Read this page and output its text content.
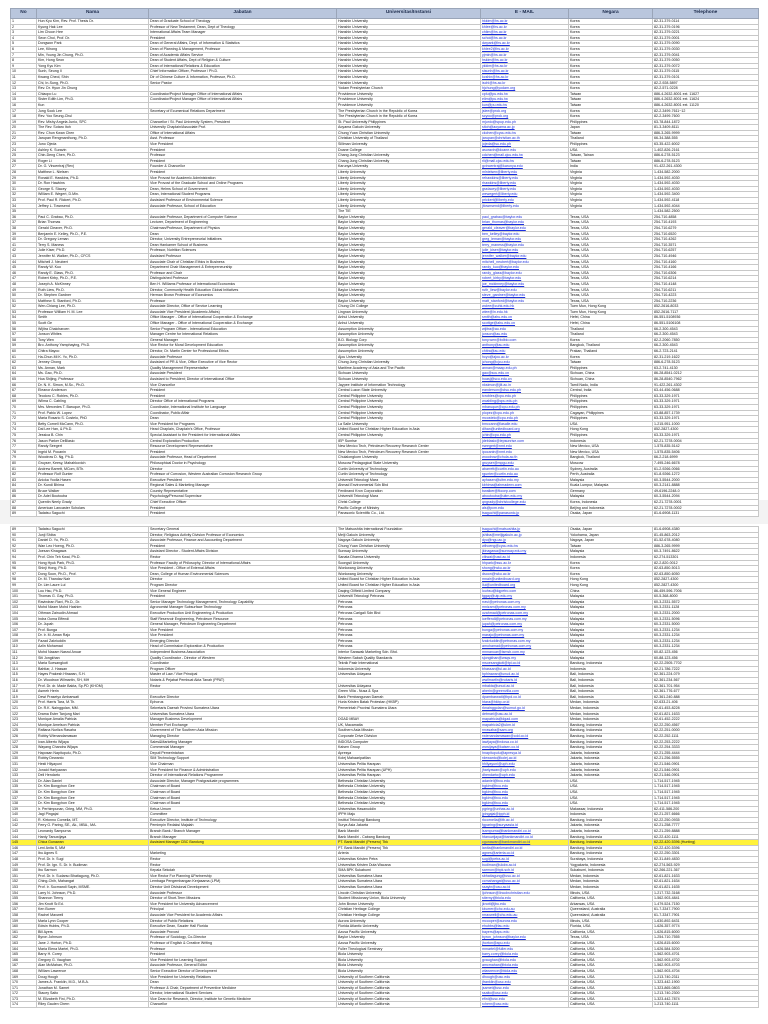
No	Nama	Jabatan	Universitas/Instansi	E - MAIL	Negara	Telephone
1	Hun Kyu Kim, Rev. Prof. Thesis Dr.	Dean of Graduate School of Theology	Hanshin University	hkkim@hs.ac.kr	Korea	82-31-379-0114
2	Kyung Hak Lee	Professor of New Testament; Dean, Dept of Theology	Hanshin University	khlee@hs.ac.kr	Korea	82-31-379-0196
3	Lim Choon Hee	International Affairs Team Manager	Hanshin University	chlim@hs.ac.kr	Korea	82-31-379-0221
4	Seon Choi, Prof. Dr.	President	Hanshin University	schoi@hs.ac.kr	Korea	82-31-379-0001
5	Dongwon Park	Dean of General Affairs, Dept. of Information & Statistics	Hanshin University	dwpark@hs.ac.kr	Korea	82-31-379-0090
6	Lee, Kihong	Dean of Planning & Management, Professor	Hanshin University	khlee2@hs.ac.kr	Korea	82-31-379-0030
7	Min, Young Jin Chung, Ph.D.	Dean of Academic Affairs Service	Hanshin University	yjmin@hs.ac.kr	Korea	82-31-379-0041
8	Kim, Hong Seon	Dean of Student Affairs, Dept of Religion & Culture	Hanshin University	hskim@hs.ac.kr	Korea	82-31-379-0050
9	Yong Kyu Kim	Dean of International Relations & Education	Hanshin University	ykkim@hs.ac.kr	Korea	82-31-379-0072
10	Sunh, Seung Il	Chief Information Officer, Professor / Ph.D.	Hanshin University	sisunh@hs.ac.kr	Korea	82-31-379-0115
11	Kwang Cheol, Shin	Dir of Chinese Culture & Information, Professor, Ph.D.	Hanshin University	kcshin@hs.ac.kr	Korea	82-31-379-0101
12	Chi, In-Sung, Ph.D.	Senior Pastor	Hanshin University	ischi@hs.ac.kr	Korea	82-2-928-5897
13	Rev. Dr. Hyun Jin Chung		Yodam Presbyterian Church	hjchung@yodam.org	Korea	82-2-571-0228
14	Chiaopo Lu	Coordinator/Project Manager Office of International Affairs	Providence University	cplu@pu.edu.tw	Taiwan	886-4-2632-8001 ext. 11627
15	Sister Edith Lim, Ph.D.	Coordinator/Project Manager Office of International Affairs	Providence University	elim@pu.edu.tw	Taiwan	886-4-2632-8001 ext. 11624
16	Kun		Providence University	kun@pu.edu.tw	Taiwan	886-4-2632-8001 ext. 11120
17	Jung Sook Lee	Secretary of Ecumenical Relations Department	The Presbyterian Church in the Republic of Korea	jslee@prok.org	Korea	82-2-3499-7611~12
18	Rev. Yoo Seung-Chul		The Presbyterian Church in the Republic of Korea	scyoo@prok.org	Korea	82-2-3499-7600
19	Rev. Mishy Angela Junio, SPC	Chancellor / St. Paul University System, President	St. Paul University Philippines	mjunio@spup.edu.ph	Philippines	63-78-844-1872
20	The Rev. Sotaro Itoh	University Chaplain/Associate Prof.	Aoyama Gakuin University	sitoh@aoyama.ac.jp	Japan	81-3-3409-8111
21	Rev. Chun Kwan Chen	Office of International Affairs	Chung Yuan Christian University	ckchen@cycu.edu.tw	Taiwan	886-3-265-9999
22	Jarupan Rengmanthong, Ph.D.	Asst. Professor	Christian University of Thailand	jarupan@christian.ac.th	Thailand	66-34-388-555
23	Juno Ojeda	Vice President	Silliman University	jojeda@su.edu.ph	Philippines	63-35-422-6002
24	Ashley K. Suravin	President	Doane College	asuravin@doane.edu	USA	1-402-826-2161
25	Chin-Deng Chen, Ph.D.	Professor	Chang Jung Christian University	cdchen@mail.cjcu.edu.tw	Taiwan, Tainan	886-6-278-5123
26	Roger Li	President	Chang Jung Christian University	rli@mail.cjcu.edu.tw	Taiwan	886-6-278-5123
27	Dr. G. Vincentraj (Rev)	Founder & Chancellor	Karunya University	gvincentraj@karunya.edu	India	91-422-261-4300
28	Matthew L. Nielsen	President	Liberty University	mlnielsen@liberty.edu	Virginia	1-434-582-2000
29	Ronald E. Hawkins, Ph.D.	Vice Provost for Academic Administration	Liberty University	rehawkins@liberty.edu	Virginia	1-434-592-4030
30	Dr. Ron Hawkins	Vice Provost of the Graduate School and Online Programs	Liberty University	rhawkins@liberty.edu	Virginia	1-434-592-4030
31	George S. Stacey	Dean, Helms School of Government	Liberty University	gsstacey@liberty.edu	Virginia	1-434-592-4030
32	William E. Wegert, D.Min.	Dean, International Student Programs	Liberty University	wewegert@liberty.edu	Virginia	1-434-592-3400
33	Prof. Paul R. Rickert, Ph.D.	Assistant Professor of Environmental Science	Liberty University	prickert@liberty.edu	Virginia	1-434-592-4118
34	Jeffrey L. Townsend	Associate Professor, School of Education	Liberty University	jltownsend@liberty.edu	Virginia	1-434-592-4044
35			The TIE			1-434-582-2500
36	Paul C. Grabau, Ph.D.	Associate Professor, Department of Computer Science	Baylor University	paul_grabau@baylor.edu	Texas, USA	254-710-4858
37	Brian Thomas	Lecturer, Department of Engineering	Baylor University	brian_thomas@baylor.edu	Texas, USA	254-710-4193
38	Gerald Cleaver, Ph.D.	Chairman/Professor, Department of Physics	Baylor University	gerald_cleaver@baylor.edu	Texas, USA	254-710-6279
39	Benjamin E. Kelley, Ph.D., P.E.	Dean	Baylor University	ben_kelley@baylor.edu	Texas, USA	254-710-6520
40	Dr. Gregory Leman	Director, University Entrepreneurial Initiatives	Baylor University	greg_leman@baylor.edu	Texas, USA	254-710-4262
41	Terry S. Maness	Dean Hankamer School of Business	Baylor University	terry_maness@baylor.edu	Texas, USA	254-710-3571
42	Julie Kiser, Ph.D.	Professor, Nutrition Sciences	Baylor University	julie_kiser@baylor.edu	Texas, USA	254-710-6257
43	Jennifer M. Walker, Ph.D., CFCS	Assistant Professor	Baylor University	jennifer_walker@baylor.edu	Texas, USA	254-710-4946
44	Mitchell J. Neubert	Associate Chair of Christian Ethics in Business	Baylor University	mitchell_neubert@baylor.edu	Texas, USA	254-710-4160
45	Randy W. Kuo	Department Chair Management & Entrepreneurship	Baylor University	randy_kuo@baylor.edu	Texas, USA	254-710-4166
46	Randy E. Glass, Ph.D.	Professor and Chair	Baylor University	randy_glass@baylor.edu	Texas, USA	254-710-6306
47	Robert Kirby, Ph.D., P.E.	Distinguished Professor	Baylor University	robert_kirby@baylor.edu	Texas, USA	254-710-6214
48	Joseph A. McKinney	Ben H. Williams Professor of International Economics	Baylor University	joe_mckinney@baylor.edu	Texas, USA	254-710-4148
49	Ruth Liew, Ph.D.	Director, Community Health Education Global Initiatives	Baylor University	ruth_liew@baylor.edu	Texas, USA	254-710-6211
50	Dr. Stephen Gardner	Herman Brown Professor of Economics	Baylor University	steve_gardner@baylor.edu	Texas, USA	254-710-4223
51	Matthew S. Stanford, Ph.D.	Professor	Baylor University	matt_stanford@baylor.edu	Texas, USA	254-710-2236
52	Wen-Chiang Lee, Ph.D.	Associate Director, Office of Service Learning	Chung Chi College	wclee@cuhk.edu.hk	Tuen Mun, Hong Kong	852-2616-8033
53	Professor William H. M. Lee	Associate Vice President (Academic Affairs)	Lingnan University	wlee@ln.edu.hk	Tuen Mun, Hong Kong	852-2616-7117
54	Smith	Office Manager - Office of International Cooperation & Exchange	Anhui University	smith@ahu.edu.cn	Hefei, China	86-551-5108936
55	Scott Ge	Office Manager - Office of International Cooperation & Exchange	Anhui University	scottge@ahu.edu.cn	Hefei, China	86-551-5106108
56	Wijitra Chaicharoen	Senior Program Officer - International Education	Assumption University	wijitra@au.edu	Thailand	66-2-300-4543
57	Jonson Whites	Manager Centre for International Relations	Assumption University	jonson@au.edu	Thailand	66-2-300-4543
58	Tony Wen	General Manager	B.D. Biology Corp	tony.wen@bdbio.com	Korea	82-2-2060-7850
59	Bro. Anthony Yamphaying, Ph.D.	Vice Rector for Moral Development Education	Assumption University	anthony@au.edu	Bangkok, Thailand	66-2-300-4543
60	Chitra Mayoo	Director, Dr. Martin Center for Professional Ethics	Assumption University	chitra@au.edu	Prakan, Thailand	66-2-723-2141
61	Ha-Chun-Mi K. Yo, Ph.D.	Associate Professor	Ajou University	hcyo@ajou.ac.kr	Korea	82-31-219-1622
62	Jenney Chong	Assistant of PR & Vice, Office Executive of Vice Rector	Chung Jung Christian University	jchong@cjcu.edu	Taiwan	886-6-278-5123
63	Ms. Annan, Mark	Quality Management Representative	Maritime Academy of Asia and The Pacific	annan@maap.edu.ph	Philippines	63-2-741-4130
64	Ms. Gao, Ph.D.	Associate President	Sichuan University	gao@scu.edu.cn	Sichuan, China	86-28-8541-0212
65	Hoa Shijing, Professor	Assistant to President; Director of International Office	Sichuan University	hoasj@scu.edu.cn	Sichuan, China	86-28-8540-7962
66	Dr. N. K. Simon, M.Sc., Ph.D.	Vice Chancellor	Jaypee Institute of Information Technology	nksimon@jiit.ac.in	Tamil Nadu, India	91-422-261-4302
67	Eleanor Anderson	President	Central Luzon State University	eanderson@clsu.edu.ph	Central, India	63-44-456-0688
68	Teodoro C. Robles, Ph.D.	President	Central Philippine University	tcrobles@cpu.edu.ph	Philippines	63-33-329-1971
69	Wilma C. Cabling	Director Office of International Programs	Central Philippine University	wcabling@cpu.edu.ph	Philippines	63-33-329-1971
70	Mrs. Mercedes T. Baruque, Ph.D.	Coordinator, International Institute for Language	Central Philippine University	mbaruque@cpu.edu.ph	Philippines	63-33-329-1971
71	Prof. Pablo W. Lopez	Coordinator, Public Affair	Central Philippine University	plopez@cpu.edu.ph	Cagayan, Philippines	63-88-857-1739
72	Maria Rosario S. Costelo, PhD	Dean	Central Philippine University	mcostelo@cpu.edu.ph	Philippines	63-33-329-1971
73	Betty Cornell McCann, Ph.D.	Vice President for Programs	La Salle University	bmccann@lasalle.edu	USA	1-215-951-1000
74	Dal Lee Han, & Ph.D.	Head Chaplain, Chaplain's Office, Professor	United Board for Christian Higher Education in Asia	dlhan@unitedboard.org	Hong Kong	852-2827-4300
75	Jessica B. Chin	Special Assistant to the President for International Affairs	Central Philippine University	jchin@cpu.edu.ph	Philippines	63-33-329-1971
76	Jason Parker DeBlasio	Central Exploration Production	IEP Sunrise	jdeblasio@iepsunrise.com	Indonesia	62-21-7278-0004
77	Randy Seegert	Resource Development Representative	New Mexico Tech, Petroleum Recovery Research Center	rseegert@nmt.edu	New Mexico, USA	1-575-835-5142
78	Ingrid M. Pocanin	President	New Mexico Tech, Petroleum Recovery Research Center	ipocanin@nmt.edu	New Mexico, USA	1-575-835-5406
79	Woodrow D. Ng, Ph.D.	Associate Professor, Head of Department	Chulalongkorn University	woodrow@chula.ac.th	Bangkok, Thailand	66-2-218-6999
80	Gruyser, Keesy, Mahahkovich	Philosophical Doctor in Psychology	Moscow Pedagogical State University	gruyser@mpgu.edu	Moscow	7-495-246-6678
81	Andrew Barrett, MCom, BTh.	Director	Curtin University of Technology	abarrett@curtin.edu.au	Sydney, Australia	61-2-9266-0066
82	Professor Rolf Gunter	Professor of Corrosion, Western Australian Corrosion Research Group	Curtin University of Technology	rgunter@curtin.edu.au	Perth, Australia	61-8-9266-1272
83	Anicka Yoolla Hasen	Executive President	Universiti Teknologi Mara	ayhasen@uitm.edu.my	Malaysia	60-3-5544-2000
84	Dr. Kundi Bhima	Regional Sales & Marketing Manager	Ahmad Environmental Sdn Bhd	kbhima@ahmadenv.com	Kuala Lumpur, Malaysia	60-3-2141-8888
85	Bruce Walker	Country Representative	Ferdinand Kron Corporation	bwalker@fkcorp.com	Germany	49-6196-2248-0
86	Dr. Adel Boutouba	Psychology/Personal Supervisor	Universiti Teknologi Mara	aboutouba@uitm.edu.my	Malaysia	60-3-5544-2094
87	Quentin Neely Grady	Chief Executive Officer	Christ College	qngrady@christcollege.edu	Korea, Indonesia	62-21-7278-0001
88	American Lancaster Scholars	President	Pacific College of Ministry	als@pcm.edu	Beijing and Indonesia	62-21-7278-0002
89	Tadatsu Saguchi	President	Panasonic Scientific Co., Ltd.	tsaguchi@panasonic.jp	Osaka, Japan	81-6-6908-1131
89	Tadatsu Saguchi	Secretary General	The Matsushita International Foundation	tsaguchi@matsushita.jp	Osaka, Japan	81-6-6908-4380
90	Junji Shiba	Director, Religious Activity Division Professor of Economics	Meiji Gakuin University	jshiba@meijigakuin.ac.jp	Yokohama, Japan	81-45-863-2012
91	Daniel D. Yu, Ph.D.	Associate Professor, Finance and Accounting Department	Nagoya Gakuin University	dyu@ngu.ac.jp	Nagoya, Japan	81-52-678-4080
92	Wan Leo Hoeng, Ph.D.	President	Chung Yuan Christian University	wlhoeng@cycu.edu.tw	Taiwan	886-3-265-9999
93	Joesan Kinagawa	Assistant Director - Student Affairs Division	Sunway University	jkinagawa@sunway.edu.my	Malaysia	60-3-7491-8622
94	Prof. Chin Teh Kwai, Ph.D.	Rector	Sanata Dharma University	ctkwai@usd.ac.id	Indonesia	62-274-513301
95	Hong Hyuk Park, Ph.D.	Professor Faculty of Philosophy, Director of International Affairs	Soongsil University	hhpark@ssu.ac.kr	Korea	82-2-820-0012
96	Shinji Hong, Ph.D.	Vice President - Office of External Affairs	Wonkwang University	shong@wku.ac.kr	Korea	82-63-850-5013
97	Dong Soon, Ph.D., Prof.	Dean, College of Human Environmental Sciences	Wonkwang University	dsoon@wku.ac.kr	Korea	82-63-850-6050
98	Dr. M. Thandav Nair	Director	United Board for Christian Higher Education in Asia	mnair@unitedboard.org	Hong Kong	852-2827-4300
99	Dr. Lim Laure Lui	Program Director	United Board for Christian Higher Education in Asia	llui@unitedboard.org	Hong Kong	852-2827-4300
100	Lou Hsu, Ph.D.	Vice General Engineer	Daqing Oilfield Limited Company	louhsu@dqpetro.com	China	86-459-596-7006
101	Thomas G. Gay, Ph.D.	President	Universiti Teknologi Petronas	tggay@utp.edu.my	Malaysia	60-5-368-8000
102	Ravindran Ravi, Ph.D., Dr.	Senior Manager Technology Management, Technology Capability	Petronas	rravi@petronas.com.my	Malaysia	60-3-2331-5572
103	Mohd Nizam Mohd Hashim	Agronomist Manager Subsurface Technology	Petronas	mnizam@petronas.com.my	Malaysia	60-3-2331-1128
104	Othman Zainudin Ahmad	Executive Production Unit Engineering & Production	Petronas Carigali Sdn Bhd	ozahmad@petronas.com.my	Malaysia	60-3-2331-2000
105	Indra Ooma Effendi	Staff Reservoir Engineering, Petroleum Resource	Petronas	ioeffendi@petronas.com.my	Malaysia	60-3-2331-5096
106	Dr. Jupah	General Manager, Petroleum Engineering Department	Petronas	jupah@petronas.com.my	Malaysia	60-3-2331-5000
107	Prof. Bunga	Vice President	Petronas	bunga@petronas.com.my	Malaysia	60-3-2331-1234
108	Dr. Ir. M. Aman Rajo	Vice President	Petronas	marajo@petronas.com.my	Malaysia	60-3-2331-1234
109	Fazad Zakriuddin	Emerging Director	Petronas	fzakriuddin@petronas.com.my	Malaysia	60-3-2331-1234
110	Azlin Mohamad	Head of Commission Exploration & Production	Petronas	amohamad@petronas.com.my	Malaysia	60-3-2331-1234
111	Mohd Nazam Nasrul Anuar	Independent Business Association	Interior Sarawak Marketing Sdn. Bhd.	mnnanuar@ismsb.com.my	Malaysia	60-82-123-456
112	Siti Jongkhan	Quality Coordinator - Director of Western	Western Sabah Quality Standards	sjongkhan@wsqs.my	Malaysia	60-88-123-456
113	Maria Soesangkoti	Coordinator	Teknik Pasir International	msoesangkoti@tpi.co.id	Bandung, Indonesia	62-22-2505-7702
114	Bahtiar, J. Hassan	Program Officer	Indonesia University	bhassan@ui.ac.id	Indonesia	62-21-786-7222
115	Hayes Prakesh Hirawan, S.H.	Master of Law / Vice Principal	Universitas Udayana	hphirawan@unud.ac.id	Bali, Indonesia	62-361-224-079
116	Dr. Woodrow Wilmartin, SH, MH	Notaris & Pejabat Pembuat Akta Tanah (PPAT)		wwilmartin@notaris.id	Bali, Indonesia	62-361-234-567
117	Prof. Dr. dr. Made Bakta, Sp.PD (KHOM)	Rector	Universitas Udayana	mbakta@unud.ac.id	Bali, Indonesia	62-361-701-954
118	Asmeh Herin		Green Villa - Nusa & Spa	aherin@greenvilla.com	Bali, Indonesia	62-361-776-677
119	Dewi Prasetyo Ambarwati	Executive Director	Bank Pembangunan Daerah	dpambarwati@bpd.co.id	Bali, Indonesia	62-361-240-888
120	Prof. Harris Tara, M.Th.	Ephorus	Huria Kristen Batak Protestan (HKBP)	htara@hkbp.or.id	Medan, Indonesia	62-633-21-406
121	Dr. R.K. Nainggolan, MM.	Sekretaris Daerah Provinsi Sumatera Utara	Pemerintah Provinsi Sumatera Utara	rknainggolan@sumut.go.id	Medan, Indonesia	62-61-453-8228
122	Drama Ester Tanjung Mari	Universitas Sumatera Utara		detmari@usu.ac.id	Medan, Indonesia	62-61-821-1633
123	Monique Amalia Patricia	Manager Business Development	DGAD MBAY	mapatricia@dgad.com	Medan, Indonesia	62-61-452-2222
124	Monique Amelson Patricia	Member Port Exchange	UK, Macamatia	mapatricia2@ukm.id	Bandung, Indonesia	62-22-250-4567
125	Rafiana Nurliza Rasaha	Government of The Southern Asia Mission	Southern Asia Mission	rnrasaha@sam.org	Bandung, Indonesia	62-22-251-0000
126	Robby Wienandamawan	Managing Director	Corporate Drive Division	rwienandamawan@cdd.co.id	Bandung, Indonesia	62-22-252-1111
127	Ivan Alberto Wijaya	Sales&Marketing Manager	INDOSA Computer	iawijaya@indosa.co.id	Bandung, Indonesia	62-22-253-2222
128	Wayang Chandra Wijaya	Commercial Manager	Kaisen Group	wcwijaya@kaisen.co.id	Bandung, Indonesia	62-22-254-3333
129	Haposan Napitupulu, Ph.D.	Deputi Pemerintahan	Apresya	hnapitupulu@apresya.id	Jakarta, Indonesia	62-21-255-4444
130	Robby Dewanto	SIM Technology Support	Kolej Mahaaripatilan	rdewanto@kolej.ac.id	Jakarta, Indonesia	62-21-256-5555
131	Hesti Hilyayuni	Vice Chairman	Universitas Pelita Harapan	hhilyayuni@uph.edu	Jakarta, Indonesia	62-21-546-0901
132	Jonaid Hariyawan	Vice President for Finance & Administration	Universitas Pelita Harapan (UPH)	jhariyawan@uph.edu	Jakarta, Indonesia	62-21-546-0901
133	Deli Hendarto	Director of International Relations Programme	Universitas Pelita Harapan	dhendarto@uph.edu	Jakarta, Indonesia	62-21-546-0901
134	Dr. Alan Daniel	Associate Director, Manager Postgraduate programmes	Bethesda Christian University	adaniel@bcu.edu	USA	1-714-517-1945
135	Dr. Kim Bongyhon Gee	Chairman of Board	Bethesda Christian University	bgkim@bcu.edu	USA	1-714-517-1945
136	Dr. Kim Bongyhon Gee	Chairman of Board	Bethesda Christian University	bgkim@bcu.edu	USA	1-714-517-1945
137	Dr. Kim Bongyhon Gee	Chairman of Board	Bethesda Christian University	bgkim@bcu.edu	USA	1-714-517-1945
138	Dr. Kim Bongyhon Gee	Chairman of Board	Bethesda Christian University	bgkim@bcu.edu	USA	1-714-517-1945
139	Ir. Perhimpunan, Grieg, MM, Ph.D.	Ketua Umum	Universitas Hasanuddin	pgrieg@unhas.ac.id	Makassar, Indonesia	62-411-586-200
140	Jagi Pingajai	Committee	IPPH Maju	jpingajai@ipph.id	Indonesia	62-21-257-6666
141	R. Kirtonno Cornelia, MT.	Executive Director, Institute of Technology	Institut Teknologi Bandung	rkcornelia@itb.ac.id	Bandung, Indonesia	62-22-250-0935
142	Ferry G. Paring, SE., Ak., MBA., MA.	Pemimpin Redaksi Majalah	Surya Asia Jakarta	fgparing@suryaasia.id	Jakarta, Indonesia	62-21-258-7777
143	Leonardy Sampurna	Branch Bank / Branch Manager	Bank Mandiri	lsampurna@bankmandiri.co.id	Jakarta, Indonesia	62-21-259-8888
144	Hardy Tanuwijaya	Branch Manager	Bank Mandiri - Cabang Bandung	htanuwijaya@bankmandiri.co.id	Bandung, Indonesia	62-22-420-1111
145	Chica Gunawan	Assistant Manager CBC Bandung	PT. Bank Mandiri (Persero) Tbk	cgunawan@bankmandiri.co.id	Bandung, Indonesia	62-22-420-5396 (Hunting)
146	Leni Anita S, MM		PT. Bank Mandiri (Persero) Tbk	lanita@bankmandiri.co.id	Bandung, Indonesia	62-22-420-5396
147	Ibu Agnes S	Marketing	Arteria	agnes@arteria.co.id	Bandung, Indonesia	62-22-250-3301
148	Prof. Dr. Ir. Sugi	Rector	Universitas Kristen Petra	sugi@petra.ac.id	Surabaya, Indonesia	62-31-849-4830
149	Prof. Dr. Ign. S. Dr. Ir. Budiman	Rector	Universitas Kristen Duta Wacana	budiman@ukdw.ac.id	Yogyakarta, Indonesia	62-274-563-929
150	Ibu Sarmon	Kepala Sekolah	SMA BPK Sukabumi	sarmon@bpk.sch.id	Sukabumi, Indonesia	62-266-221-367
151	Prof. Dr. Ir. Sudarso Bhatiagung, Ph.D.	Vice Rector For Planning &Partnership	Universitas Sumatera Utara	sbhatiagung@usu.ac.id	Medan, Indonesia	62-61-821-1633
152	Ching-Chih, Mahangat	Lembaga Pengembangan Kerjasama (LPM)	Universitas Sumatera Utara	ccmahangat@usu.ac.id	Medan, Indonesia	62-61-821-1634
153	Prof. Ir. Sucmandi Sayin, MSME.	Director Unit Divisional Development	Universitas Sumatera Utara	ssayin@usu.ac.id	Medan, Indonesia	62-61-821-1635
154	Larry N. Johnson, Ph.D.	Associate Professor	Lincoln Christian University	ljohnson@lincolnchristian.edu	Illinois, USA	1-217-732-3168
155	Shannon Tierny	Director of Short-Term Missions	Student Missionary Union, Biola University	stierny@biola.edu	California, USA	1-562-903-4841
156	Jim Knott Sr.Ed.	Vice President for University Advancement	John Brown University	jknott@jbu.edu	Arkansas, USA	1-479-524-7150
157	Ken Burrer	Principal	Christian Heritage College	kburrer@chc.edu.au	Queensland, Australia	61-7-3347-7900
158	Rachel Maxwell	Associate Vice President for Academic Affairs	Christian Heritage College	rmaxwell@chc.edu.au	Queensland, Australia	61-7-3347-7901
159	Marla Lynn Cooper	Director of Public Relations	Aurora University	mcooper@aurora.edu	Illinois, USA	1-630-892-6431
160	Edwin Hubbs, Ph.D.	Executive Dean, Sauder Hall Florida	Florida Atlantic University	ehubbs@fau.edu	Florida, USA	1-626-357-9774
161	Bill Ayers	Associate Provost	Azusa Pacific University	bayers@apu.edu	California, USA	1-626-815-6000
162	Byron Johnson	Professor of Sociology, Co-Director	Baylor University	byron_johnson@baylor.edu	Texas, USA	1-254-710-7555
163	Jane J. Horton, Ph.D.	Professor of English & Creative Writing	Azusa Pacific University	jhorton@apu.edu	California, USA	1-626-815-6000
164	Maria Elena Martel, Ph.D.	Professor	Fuller Theological Seminary	mmartel@fuller.edu	California, USA	1-626-584-5200
165	Barry H. Corey	President	Biola University	barry.corey@biola.edu	California, USA	1-562-903-4701
166	Gregory G. Vaughan	Vice President for Learning Support	Biola University	gvaughan@biola.edu	California, USA	1-562-903-4702
167	Alan McMahan, Ph.D.	Associate Professor, General Editor	Biola University	amcmahan@biola.edu	California, USA	1-562-903-4703
168	William Lawrence	Senior Executive Director of Development	Biola University	wlawrence@biola.edu	California, USA	1-562-903-4704
169	Doug Hough	Vice President for University Relations	University of Southern California	dhough@usc.edu	California, USA	1-213-740-2311
170	James A. Franklin, M.D., M.B.A.	Dean	University of Southern California	jfranklin@usc.edu	California, USA	1-323-442-1900
171	Jonathan M. Samet	Professor & Chair, Department of Preventive Medicine	University of Southern California	jsamet@usc.edu	California, USA	1-323-865-0803
172	Stacey Saito	Director, International Student Services	University of Southern California	ssaito@usc.edu	California, USA	1-213-740-2300
173	M. Elizabeth Fini, Ph.D.	Vice Dean for Research, Director, Institute for Genetic Medicine	University of Southern California	efini@usc.edu	California, USA	1-323-442-7874
174	Riley Gaulen Chern	Chancellor	University of Southern California	rchern@usc.edu	California, USA	1-213-740-1111
